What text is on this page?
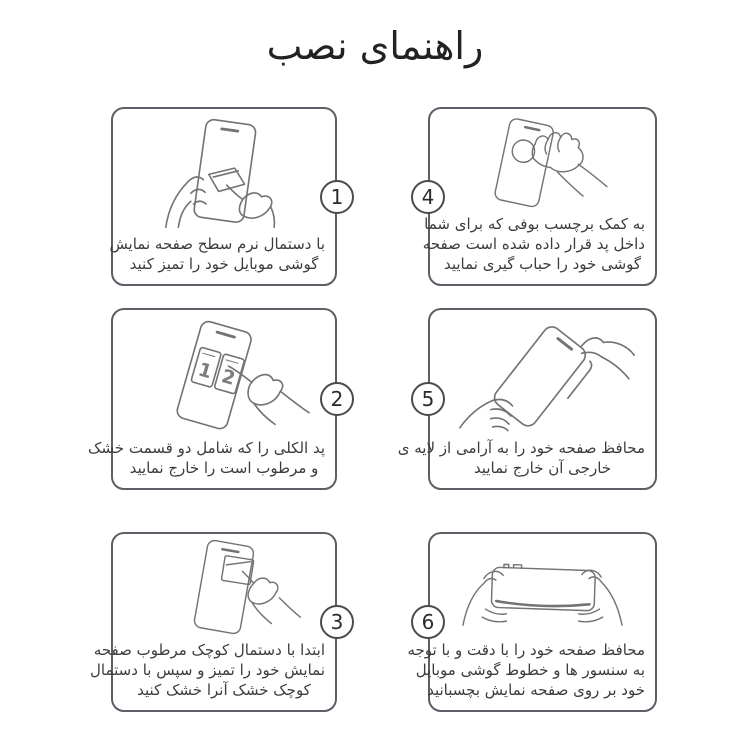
راهنمای نصب
با دستمال نرم سطح صفحه نمایش
گوشی موبایل خود را تمیز کنید
1
1 2
پد الکلی را که شامل دو قسمت خشک
و مرطوب است را خارج نمایید
2
ابتدا با دستمال کوچک مرطوب صفحه
نمایش خود را تمیز و سپس با دستمال
کوچک خشک آنرا خشک کنید
3
به کمک برچسب بوفی که برای شما
داخل پد قرار داده شده است صفحه
گوشی خود را حباب گیری نمایید
4
محافظ صفحه خود را به آرامی از لایه ی
خارجی آن خارج نمایید
5
محافظ صفحه خود را با دقت و با توجه
به سنسور ها و خطوط گوشی موبایل
خود بر روی صفحه نمایش بچسبانید
6
